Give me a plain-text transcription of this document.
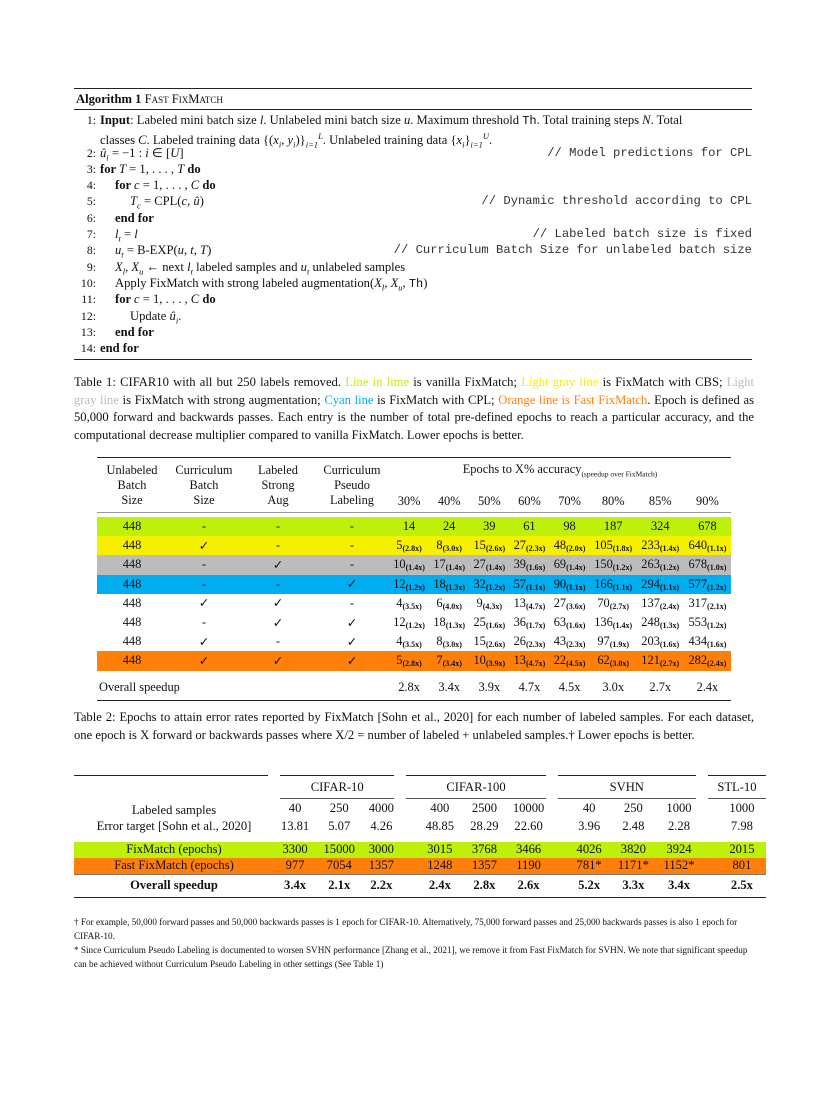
Algorithm 1 Fast FixMatch
1: Input: Labeled mini batch size l. Unlabeled mini batch size u. Maximum threshold Th. Total training steps N. Total
classes C. Labeled training data {($x_i$, $y_i)\}_{i=1}^L$. Unlabeled training data $\{x_i\}_{i=1}^U$.
2: $û_i = -1$ : i ∈ [U]	// Model predictions for CPL
3: for T = 1, . . . , T do
4:	for c = 1, . . . , C do
5:	$T_c = CPL(c$, û)	// Dynamic threshold according to CPL
6:	end for
7:	$l_t = l$	// Labeled batch size is fixed
8:	$u_t = B-EXP(u$, t, T)	// Curriculum Batch Size for unlabeled batch size
9:	$X_l$, $X_u$ ← next $l_t$ labeled samples and $u_t$ unlabeled samples
10:	Apply FixMatch with strong labeled $augmentation(X_l$, $X_u$, Th)
11:	for c = 1, . . . , C do
12:	Update $û_i$.
13:	end for
14: end for
Table 1: CIFAR10 with all but 250 labels removed. Line in lime is vanilla FixMatch; Light gray line is FixMatch with CBS; Light gray line is FixMatch with strong augmentation; Cyan line is FixMatch with CPL; Orange line is Fast FixMatch. Epoch is defined as 50,000 forward and backwards passes. Each entry is the number of total pre-defined epochs to reach a particular accuracy, and the computational decrease multiplier compared to vanilla FixMatch. Lower epochs is better.
Unlabeled
Batch
Size	Curriculum
Batch
Size	Labeled
Strong
Aug	Curriculum
Pseudo
Labeling	Epochs to X% accuracy$_{(speedup over FixMatch)}$
				30%	40%	50%	60%	70%	80%	85%	90%

448	-	-	-	14	24	39	61	98	187	324	678
448	✓	-	-	$5_{(2.8x)}$	$8_{(3.0x)}$	$15_{(2.6x)}$	$27_{(2.3x)}$	$48_{(2.0x)}$	$105_{(1.8x)}$	$233_{(1.4x)}$	$640_{(1.1x)}$
448	-	✓	-	$10_{(1.4x)}$	$17_{(1.4x)}$	$27_{(1.4x)}$	$39_{(1.6x)}$	$69_{(1.4x)}$	$150_{(1.2x)}$	$263_{(1.2x)}$	$678_{(1.0x)}$
448	-	-	✓	$12_{(1.2x)}$	$18_{(1.3x)}$	$32_{(1.2x)}$	$57_{(1.1x)}$	$90_{(1.1x)}$	$166_{(1.1x)}$	$294_{(1.1x)}$	$577_{(1.2x)}$
448	✓	✓	-	$4_{(3.5x)}$	$6_{(4.0x)}$	$9_{(4.3x)}$	$13_{(4.7x)}$	$27_{(3.6x)}$	$70_{(2.7x)}$	$137_{(2.4x)}$	$317_{(2.1x)}$
448	-	✓	✓	$12_{(1.2x)}$	$18_{(1.3x)}$	$25_{(1.6x)}$	$36_{(1.7x)}$	$63_{(1.6x)}$	$136_{(1.4x)}$	$248_{(1.3x)}$	$553_{(1.2x)}$
448	✓	-	✓	$4_{(3.5x)}$	$8_{(3.0x)}$	$15_{(2.6x)}$	$26_{(2.3x)}$	$43_{(2.3x)}$	$97_{(1.9x)}$	$203_{(1.6x)}$	$434_{(1.6x)}$
448	✓	✓	✓	$5_{(2.8x)}$	$7_{(3.4x)}$	$10_{(3.9x)}$	$13_{(4.7x)}$	$22_{(4.5x)}$	$62_{(3.0x)}$	$121_{(2.7x)}$	$282_{(2.4x)}$
Overall speedup				2.8x	3.4x	3.9x	4.7x	4.5x	3.0x	2.7x	2.4x
Table 2: Epochs to attain error rates reported by FixMatch [Sohn et al., 2020] for each number of labeled samples. For each dataset, one epoch is X forward or backwards passes where X/2 = number of labeled + unlabeled samples.† Lower epochs is better.
	CIFAR-10			CIFAR-100			SVHN			STL-10
Labeled samples	40	250	4000	400	2500	10000	40	250	1000	1000
Error target [Sohn et al., 2020]	13.81	5.07	4.26	48.85	28.29	22.60	3.96	2.48	2.28	7.98
FixMatch (epochs)	3300	15000	3000	3015	3768	3466	4026	3820	3924	2015
Fast FixMatch (epochs)	977	7054	1357	1248	1357	1190	781*	1171*	1152*	801
Overall speedup	3.4x	2.1x	2.2x	2.4x	2.8x	2.6x	5.2x	3.3x	3.4x	2.5x
† For example, 50,000 forward passes and 50,000 backwards passes is 1 epoch for CIFAR-10. Alternatively, 75,000 forward passes and 25,000 backwards passes is also 1 epoch for CIFAR-10.
* Since Curriculum Pseudo Labeling is documented to worsen SVHN performance [Zhang et al., 2021], we remove it from Fast FixMatch for SVHN. We note that significant speedup can be achieved without Curriculum Pseudo Labeling in other settings (See Table 1)
